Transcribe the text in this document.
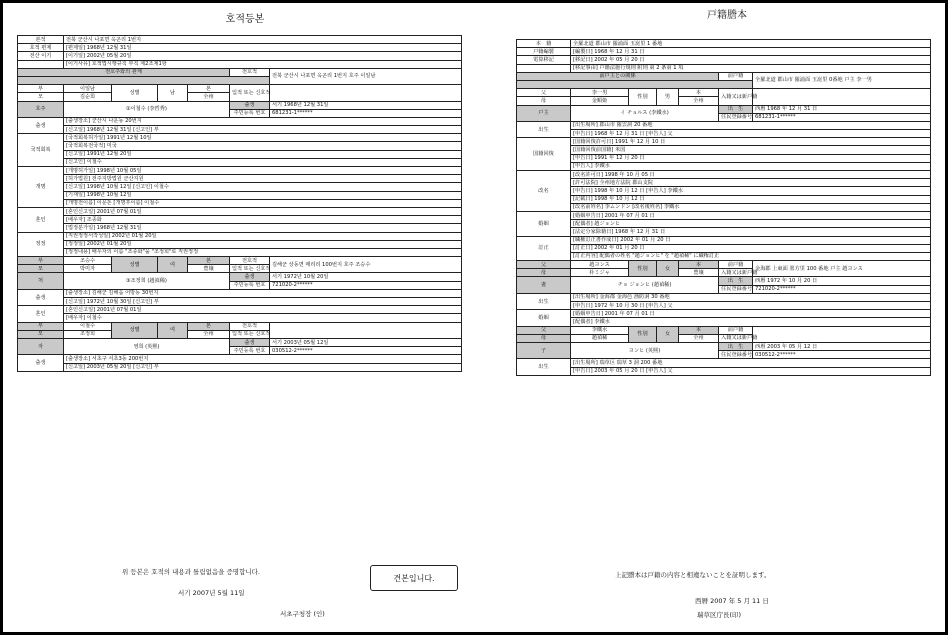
호적등본
본적	전북 군산시 나포면 옥곤리 1번지					
호적 편제	[편제일] 1968년 12월 31일					
전산 이기	[이기일] 2002년 05월 20일					
	[이기사유] 호적법시행규칙 부칙 제2조제1항					
전호주와의 관계					전호적	전북 군산시 나포면 옥곤리 1번지 호주 이일남

부	이일남	성별	남	본	입적 또는 신호적	
모	김순희			全州		
호주	①이철수 (李哲秀)				출생	서기 1968년 12월 31일
					주민등록 번호	681231-1******
출생	[출생장소] 군산시 나운동 20번지					
	[신고일] 1968년 12월 31일 [신고인] 부					
국적회복	[국적회복허가일] 1991년 12월 10일					
	[국적회복전국적] 미국					
	[신고일] 1991년 12월 20일					
	[신고인] 이철수					
개명	[개명허가일] 1998년 10월 05일					
	[허가법원] 전주지방법원 군산지원					
	[신고일] 1998년 10월 12일 [신고인] 이철수					
	[기재일] 1998년 10월 12일					
	[개명전이름] 이문돈 [개명후이름] 이철수					
혼인	[혼인신고일] 2001년 07월 01일					
	[배우자] 조종화					
	[법정분가일] 1968년 12월 31일					
정정	[직권정정서작성일] 2002년 01월 20일					
	[정정일] 2002년 01월 20일					
	[정정내용] 배우자의 이름 "조종화"을 "조정희"로 직권정정					
부	조승수	성별	여	본	전호적	김해군 상동면 매리리 100번지 호주 조승수
모	박미자			豊壤	입적 또는 신호적	
처	③조정희 (趙禎稀)				출생	서기 1972년 10월 20일
					주민등록 번호	721020-2******
출생	[출생장소] 김해군 김해읍 어방동 30번지					
	[신고일] 1972년 10월 30일 [신고인] 부					
혼인	[혼인신고일] 2001년 07월 01일					
	[배우자] 이철수					
부	이철수	성별	여	본	전호적	
모	조정희			全州	입적 또는 신호적	
자	영희 (英熙)				출생	서기 2003년 05월 12일
					주민등록 번호	030512-2******
출생	[출생장소] 서초구 서초3동 200번지					
	[신고일] 2003년 05월 20일 [신고인] 부					
위 등본은 호적의 내용과 틀림없음을 증명합니다.
서기 2007년 5월 11일
서초구청장 (인)
견본입니다.
戸籍謄本
本　籍	全羅北道 郡山市 羅浦面 玉崑里 1 番地					
戸籍編製	[編製日] 1968 年 12 月 31 日					
電算移記	[移記日] 2002 年 05 月 20 日					
	[移記事由] 戸籍法施行規則 附則 第 2 条第 1 項					
前戸主との関係					前戸籍	全羅北道 郡山市 羅浦面 玉崑里 0番地 戸主 李一男

父	李一男	性別	男	本	入籍又は新戸籍	
母	金順姫			全州		
戸主	イ チョルス (李鐵水)				出　生	西暦 1968 年 12 月 31 日
					住民登録番号	681231-1******
出生	[出生場所] 郡山市 羅雲洞 20 番地					
	[申告日] 1968 年 12 月 31 日 [申告人] 父					
国籍回復	[国籍回復許可日] 1991 年 12 月 10 日					
	[国籍回復前国籍] 米国					
	[申告日] 1991 年 12 月 20 日					
	[申告人] 李鐵水					
改名	[改名許可日] 1998 年 10 月 05 日					
	[許可法院] 全州地方法院 郡山支院					
	[申告日] 1998 年 10 月 12 日 [申告人] 李鐵水					
	[記載日] 1998 年 10 月 12 日					
	[改名前姓名] 李ムンドン [改名後姓名] 李鐵水					
婚姻	[婚姻申告日] 2001 年 07 月 01 日					
	[配偶者] 趙ジョンヒ					
	[法定分家除籍日] 1968 年 12 月 31 日					
訂正	[職権訂正書作成日] 2002 年 01 月 20 日					
	[訂正日] 2002 年 01 月 20 日					
	[訂正内容] 配偶者の姓名 "趙ジョンヒ" を "趙禎稀" に職権訂正					
父	趙ヨンス	性別	女	本	前戸籍	金海郡 上東面 墨方里 100 番地 戸主 趙ヨンス
母	朴ミジャ			豊壤	入籍又は新戸籍	
妻	チョ ジョンヒ (趙禎稀)				出　生	西暦 1972 年 10 月 20 日
					住民登録番号	721020-2******
出生	[出生場所] 金海郡 金海邑 漁防洞 30 番地					
	[申告日] 1972 年 10 月 30 日 [申告人] 父					
婚姻	[婚姻申告日] 2001 年 07 月 01 日					
	[配偶者] 李鐵水					
父	李鐵水	性別	女	本	前戸籍	
母	趙禎稀			全州	入籍又は新戸籍	
子	ヨンヒ (英熙)				出　生	西暦 2003 年 05 月 12 日
					住民登録番号	030512-2******
出生	[出生場所] 瑞草区 瑞草 3 洞 200 番地					
	[申告日] 2003 年 05 月 20 日 [申告人] 父					
上記謄本は戸籍の内容と相違ないことを証明します。
西暦 2007 年 5 月 11 日
瑞草区庁長(印)
